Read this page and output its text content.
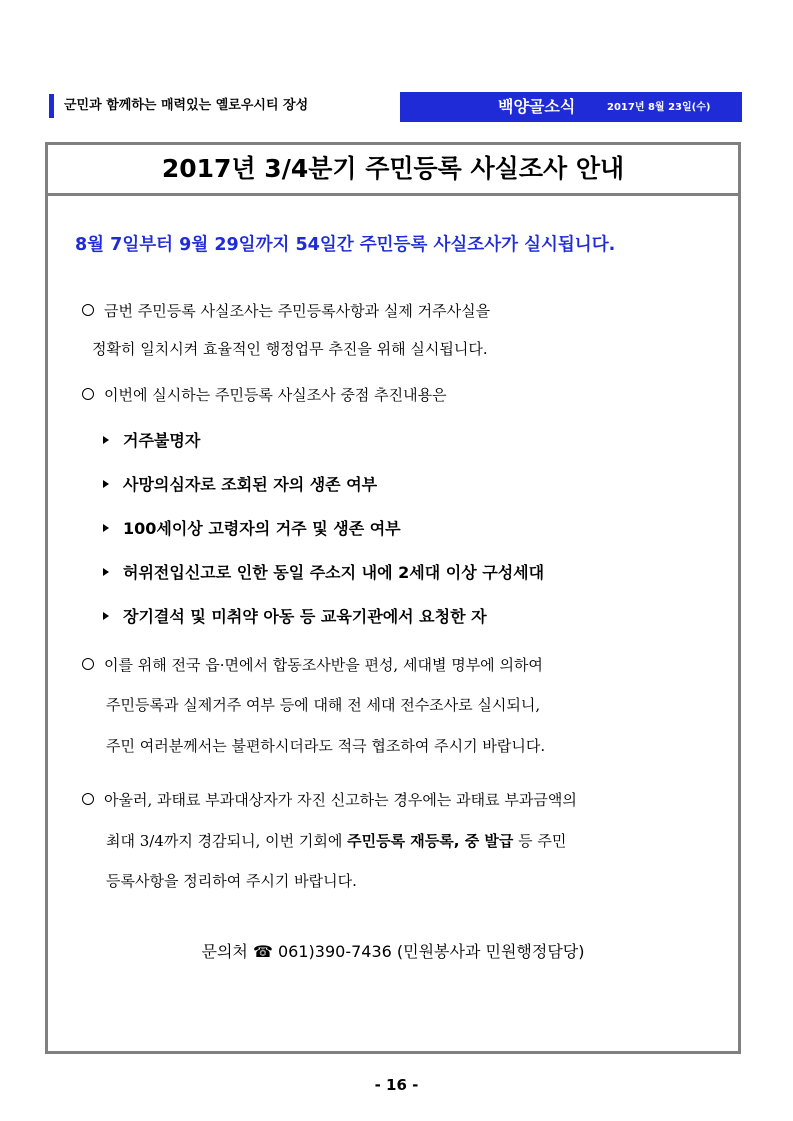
군민과 함께하는 매력있는 옐로우시티 장성	백양골소식	2017년 8월 23일(수)
2017년 3/4분기 주민등록 사실조사 안내
8월 7일부터 9월 29일까지 54일간 주민등록 사실조사가 실시됩니다.
금번 주민등록 사실조사는 주민등록사항과 실제 거주사실을
정확히 일치시켜 효율적인 행정업무 추진을 위해 실시됩니다.
이번에 실시하는 주민등록 사실조사 중점 추진내용은
거주불명자
사망의심자로 조회된 자의 생존 여부
100세이상 고령자의 거주 및 생존 여부
허위전입신고로 인한 동일 주소지 내에 2세대 이상 구성세대
장기결석 및 미취약 아동 등 교육기관에서 요청한 자
이를 위해 전국 읍·면에서 합동조사반을 편성, 세대별 명부에 의하여
주민등록과 실제거주 여부 등에 대해 전 세대 전수조사로 실시되니,
주민 여러분께서는 불편하시더라도 적극 협조하여 주시기 바랍니다.
아울러, 과태료 부과대상자가 자진 신고하는 경우에는 과태료 부과금액의
최대 3/4까지 경감되니, 이번 기회에 주민등록 재등록, 중 발급 등 주민
등록사항을 정리하여 주시기 바랍니다.
문의처 ☎ 061)390-7436 (민원봉사과 민원행정담당)
- 16 -
